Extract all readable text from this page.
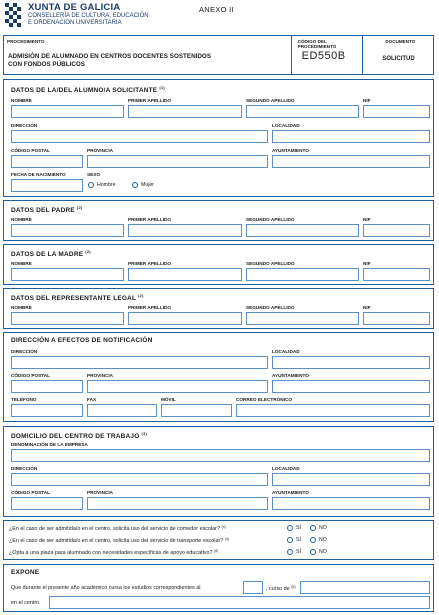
XUNTA DE GALICIA
CONSELLERÍA DE CULTURA, EDUCACIÓN
E ORDENACIÓN UNIVERSITARIA
ANEXO II
PROCEDIMENTO
ADMISIÓN DE ALUMNADO EN CENTROS DOCENTES SOSTENIDOS
CON FONDOS PÚBLICOS
CÓDIGO DEL PROCEDIMIENTO
ED550B
DOCUMENTO
SOLICITUD
DATOS DE LA/DEL ALUMNO/A SOLICITANTE $^{(1)}$
NOMBRE	PRIMER APELLIDO	SEGUNDO APELLIDO	NIF
DIRECCIÓN	LOCALIDAD
CÓDIGO POSTAL	PROVINCIA	AYUNTAMIENTO
FECHA DE NACIMIENTO	SEXO
Hombre	Mujer
DATOS DEL PADRE $^{(2)}$
NOMBRE	PRIMER APELLIDO	SEGUNDO APELLIDO	NIF
DATOS DE LA MADRE $^{(2)}$
NOMBRE	PRIMER APELLIDO	SEGUNDO APELLIDO	NIF
DATOS DEL REPRESENTANTE LEGAL $^{(2)}$
NOMBRE	PRIMER APELLIDO	SEGUNDO APELLIDO	NIF
DIRECCIÓN A EFECTOS DE NOTIFICACIÓN
DIRECCIÓN	LOCALIDAD
CÓDIGO POSTAL	PROVINCIA	AYUNTAMIENTO
TELÉFONO	FAX	MÓVIL	CORREO ELECTRÓNICO
DOMICILIO DEL CENTRO DE TRABAJO $^{(3)}$
DENOMINACIÓN DE LA EMPRESA
DIRECCIÓN	LOCALIDAD
CÓDIGO POSTAL	PROVINCIA	AYUNTAMIENTO
¿En el caso de ser admitida/o en el centro, solicita uso del servicio de comedor escolar? $^{(4)}$	SÍ	NO
¿En el caso de ser admitida/o en el centro, solicita uso del servicio de transporte escolar? $^{(4)}$	SÍ	NO
¿Opta a una plaza para alumnado con necesidades específicas de apoyo educativo? $^{(5)}$	SÍ	NO
EXPONE
Que durante el presente año académico cursa los estudios correspondientes al	, curso de $^{(6)}$
en el centro
